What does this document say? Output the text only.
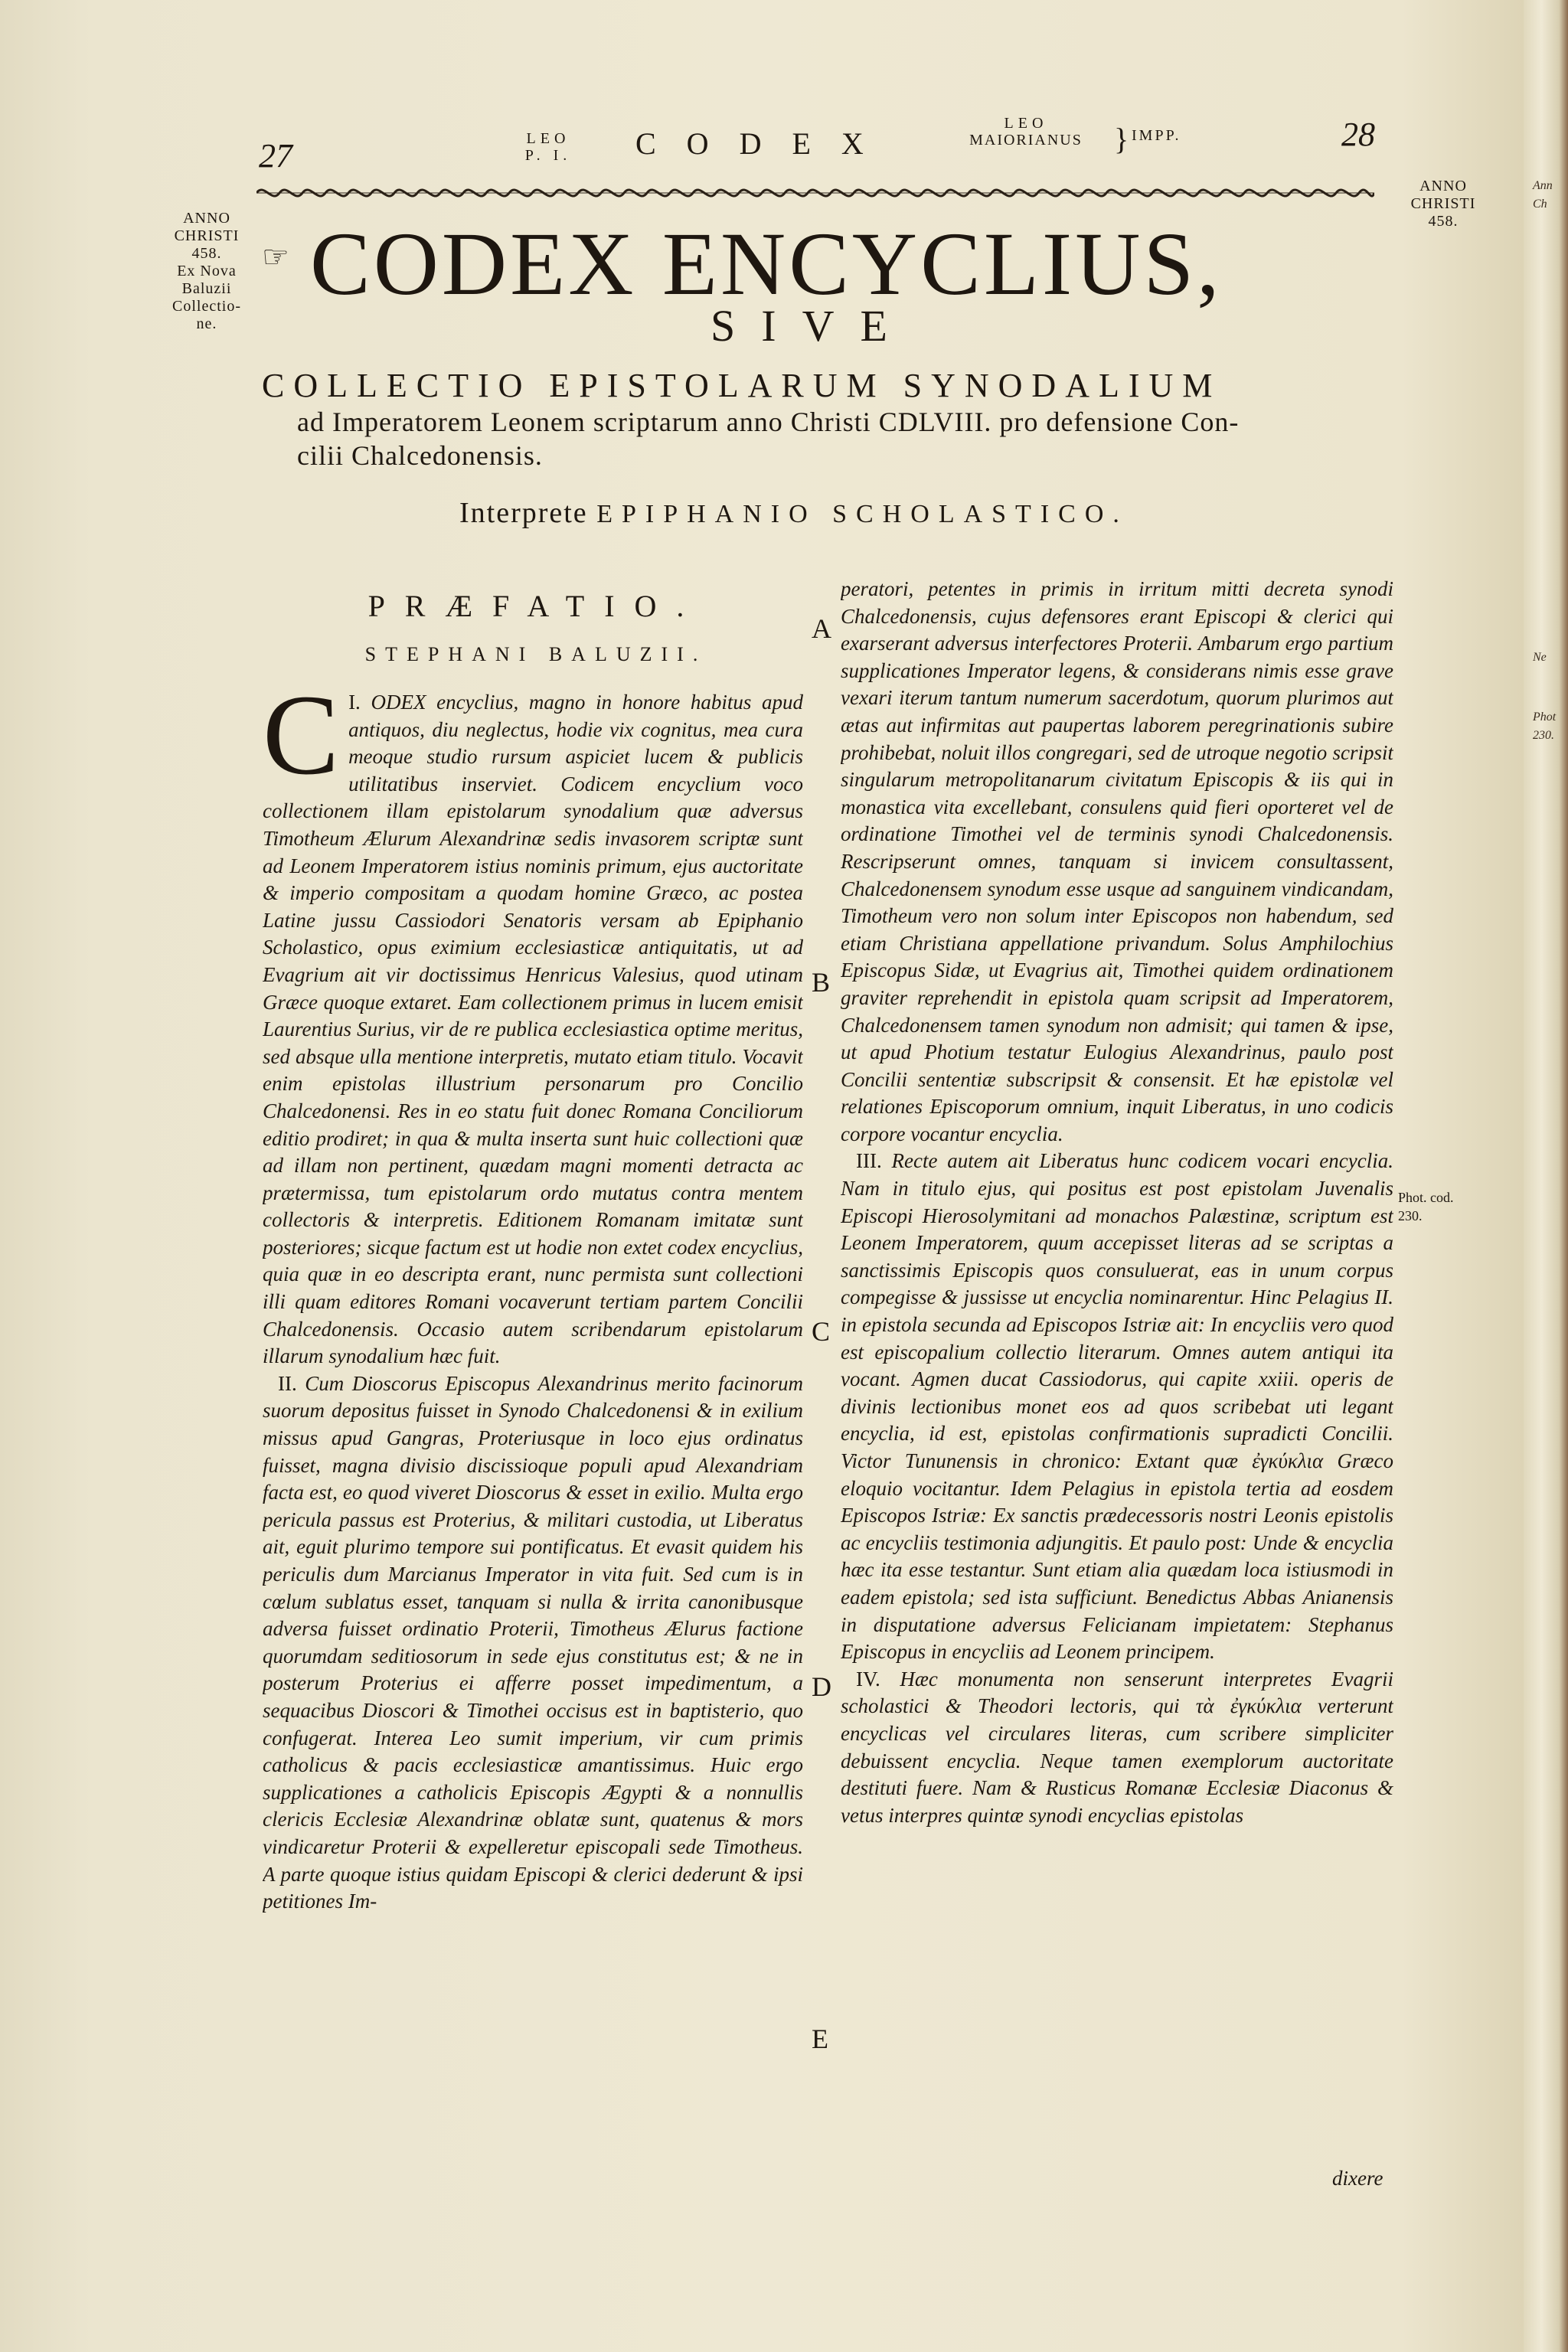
27	LEO
P. I. CODEX
LEO
MAIORIANUS	} IMPP.	28
ANNO
CHRISTI
458.
Ex Nova
Baluzii
Collectio-
ne.
ANNO
CHRISTI
458.
☞ CODEX ENCYCLIUS,
SIVE
COLLECTIO EPISTOLARUM SYNODALIUM
ad Imperatorem Leonem scriptarum anno Christi CDLVIII. pro defensione Con-
cilii Chalcedonensis.
Interprete EPIPHANIO SCHOLASTICO.
PRÆFATIO.
STEPHANI BALUZII.

I.
C ODEX encyclius, magno in honore habitus apud antiquos, diu neglectus, hodie vix cognitus, mea cura meoque studio rursum aspiciet lucem & publicis utilitatibus inserviet. Codicem encyclium voco collectionem illam epistolarum synodalium quæ adversus Timotheum Ælurum Alexandrinæ sedis invasorem scriptæ sunt ad Leonem Imperatorem istius nominis primum, ejus auctoritate & imperio compositam a quodam homine Græco, ac postea Latine jussu Cassiodori Senatoris versam ab Epiphanio Scholastico, opus eximium ecclesiasticæ antiquitatis, ut ad Evagrium ait vir doctissimus Henricus Valesius, quod utinam Græce quoque extaret. Eam collectionem primus in lucem emisit Laurentius Surius, vir de re publica ecclesiastica optime meritus, sed absque ulla mentione interpretis, mutato etiam titulo. Vocavit enim epistolas illustrium personarum pro Concilio Chalcedonensi. Res in eo statu fuit donec Romana Conciliorum editio prodiret; in qua & multa inserta sunt huic collectioni quæ ad illam non pertinent, quædam magni momenti detracta ac prætermissa, tum epistolarum ordo mutatus contra mentem collectoris & interpretis. Editionem Romanam imitatæ sunt posteriores; sicque factum est ut hodie non extet codex encyclius, quia quæ in eo descripta erant, nunc permista sunt collectioni illi quam editores Romani vocaverunt tertiam partem Concilii Chalcedonensis. Occasio autem scribendarum epistolarum illarum synodalium hæc fuit.

II. Cum Dioscorus Episcopus Alexandrinus merito facinorum suorum depositus fuisset in Synodo Chalcedonensi & in exilium missus apud Gangras, Proteriusque in loco ejus ordinatus fuisset, magna divisio discissioque populi apud Alexandriam facta est, eo quod viveret Dioscorus & esset in exilio. Multa ergo pericula passus est Proterius, & militari custodia, ut Liberatus ait, eguit plurimo tempore sui pontificatus. Et evasit quidem his periculis dum Marcianus Imperator in vita fuit. Sed cum is in cœlum sublatus esset, tanquam si nulla & irrita canonibusque adversa fuisset ordinatio Proterii, Timotheus Ælurus factione quorumdam seditiosorum in sede ejus constitutus est; & ne in posterum Proterius ei afferre posset impedimentum, a sequacibus Dioscori & Timothei occisus est in baptisterio, quo confugerat. Interea Leo sumit imperium, vir cum primis catholicus & pacis ecclesiasticæ amantissimus. Huic ergo supplicationes a catholicis Episcopis Ægypti & a nonnullis clericis Ecclesiæ Alexandrinæ oblatæ sunt, quatenus & mors vindicaretur Proterii & expelleretur episcopali sede Timotheus. A parte quoque istius quidam Episcopi & clerici dederunt & ipsi petitiones Im-

A
B
C
D
E

peratori, petentes in primis in irritum mitti decreta synodi Chalcedonensis, cujus defensores erant Episcopi & clerici qui exarserant adversus interfectores Proterii. Ambarum ergo partium supplicationes Imperator legens, & considerans nimis esse grave vexari iterum tantum numerum sacerdotum, quorum plurimos aut ætas aut infirmitas aut paupertas laborem peregrinationis subire prohibebat, noluit illos congregari, sed de utroque negotio scripsit singularum metropolitanarum civitatum Episcopis & iis qui in monastica vita excellebant, consulens quid fieri oporteret vel de ordinatione Timothei vel de terminis synodi Chalcedonensis. Rescripserunt omnes, tanquam si invicem consultassent, Chalcedonensem synodum esse usque ad sanguinem vindicandam, Timotheum vero non solum inter Episcopos non habendum, sed etiam Christiana appellatione privandum. Solus Amphilochius Episcopus Sidæ, ut Evagrius ait, Timothei quidem ordinationem graviter reprehendit in epistola quam scripsit ad Imperatorem, Chalcedonensem tamen synodum non admisit; qui tamen & ipse, ut apud Photium testatur Eulogius Alexandrinus, paulo post Concilii sententiæ subscripsit & consensit. Et hæ epistolæ vel relationes Episcoporum omnium, inquit Liberatus, in uno codicis corpore vocantur encyclia.

III. Recte autem ait Liberatus hunc codicem vocari encyclia. Nam in titulo ejus, qui positus est post epistolam Juvenalis Episcopi Hierosolymitani ad monachos Palæstinæ, scriptum est Leonem Imperatorem, quum accepisset literas ad se scriptas a sanctissimis Episcopis quos consuluerat, eas in unum corpus compegisse & jussisse ut encyclia nominarentur. Hinc Pelagius II. in epistola secunda ad Episcopos Istriæ ait: In encycliis vero quod est episcopalium collectio literarum. Omnes autem antiqui ita vocant. Agmen ducat Cassiodorus, qui capite xxiii. operis de divinis lectionibus monet eos ad quos scribebat uti legant encyclia, id est, epistolas confirmationis supradicti Concilii. Victor Tununensis in chronico: Extant quæ ἐγκύκλια Græco eloquio vocitantur. Idem Pelagius in epistola tertia ad eosdem Episcopos Istriæ: Ex sanctis prædecessoris nostri Leonis epistolis ac encycliis testimonia adjungitis. Et paulo post: Unde & encyclia hæc ita esse testantur. Sunt etiam alia quædam loca istiusmodi in eadem epistola; sed ista sufficiunt. Benedictus Abbas Anianensis in disputatione adversus Felicianam impietatem: Stephanus Episcopus in encycliis ad Leonem principem.

IV. Hæc monumenta non senserunt interpretes Evagrii scholastici & Theodori lectoris, qui τὰ ἐγκύκλια verterunt encyclicas vel circulares literas, cum scribere simpliciter debuissent encyclia. Neque tamen exemplorum auctoritate destituti fuere. Nam & Rusticus Romanæ Ecclesiæ Diaconus & vetus interpres quintæ synodi encyclias epistolas

dixere
Phot. cod.
230.
Ann
Ch
Ne
Phot
230.
